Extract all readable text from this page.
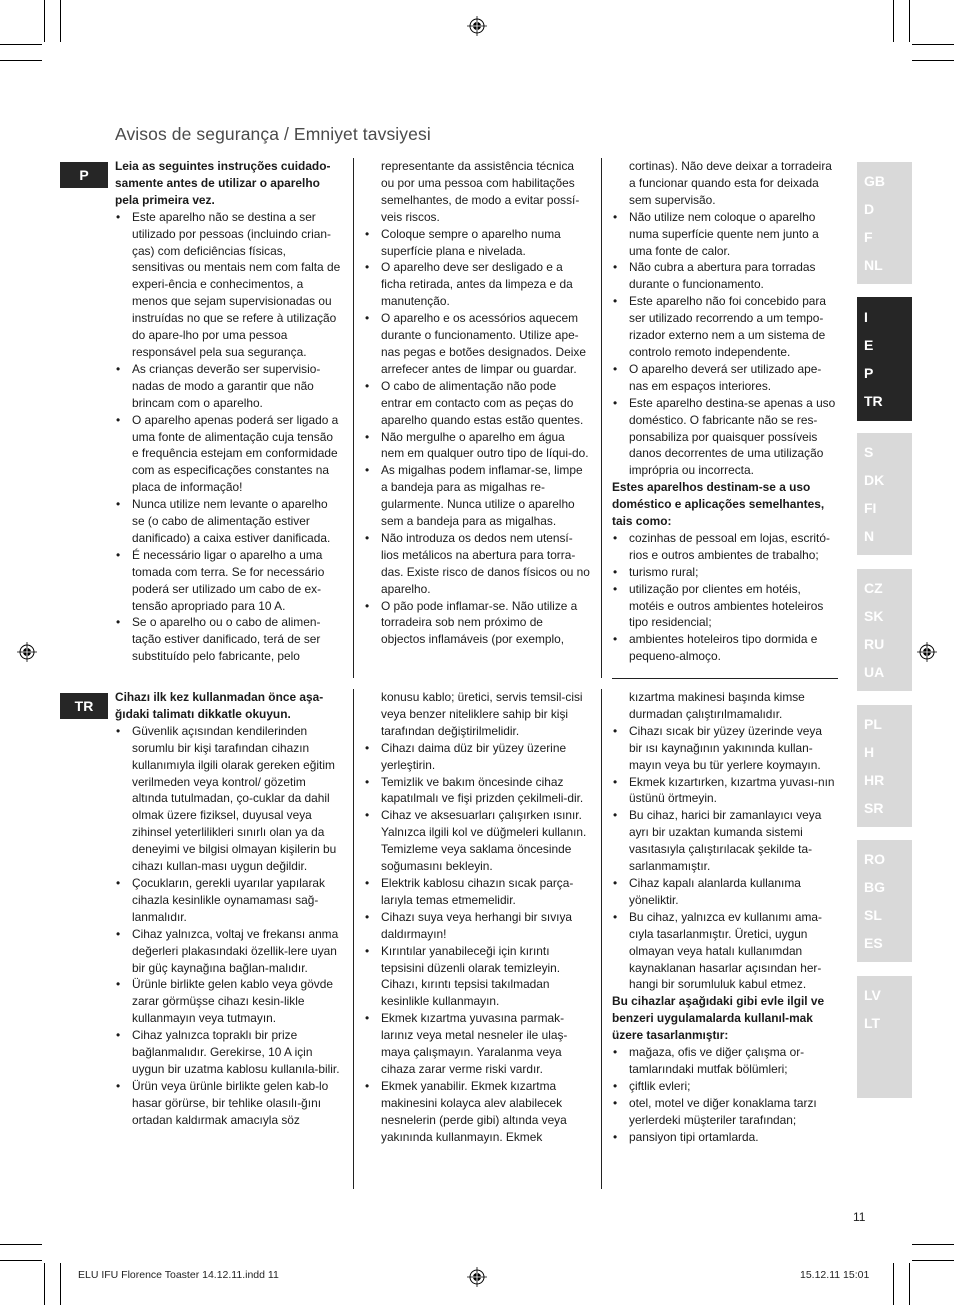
Avisos de segurança / Emniyet tavsiyesi
P

Leia as seguintes instruções cuidado-samente antes de utilizar o aparelho pela primeira vez.

• Este aparelho não se destina a ser utilizado por pessoas (incluindo crian-ças) com deficiências físicas, sensitivas ou mentais nem com falta de experi-ência e conhecimentos, a menos que sejam supervisionadas ou instruídas no que se refere à utilização do apare-lho por uma pessoa responsável pela sua segurança.
• As crianças deverão ser supervisio-nadas de modo a garantir que não brincam com o aparelho.
• O aparelho apenas poderá ser ligado a uma fonte de alimentação cuja tensão e frequência estejam em conformidade com as especificações constantes na placa de informação!
• Nunca utilize nem levante o aparelho se (o cabo de alimentação estiver danificado) a caixa estiver danificada.
• É necessário ligar o aparelho a uma tomada com terra. Se for necessário poderá ser utilizado um cabo de ex-tensão apropriado para 10 A.
• Se o aparelho ou o cabo de alimen-tação estiver danificado, terá de ser substituído pelo fabricante, pelo
representante da assistência técnica ou por uma pessoa com habilitações semelhantes, de modo a evitar possí-veis riscos.
• Coloque sempre o aparelho numa superfície plana e nivelada.
• O aparelho deve ser desligado e a ficha retirada, antes da limpeza e da manutenção.
• O aparelho e os acessórios aquecem durante o funcionamento. Utilize ape-nas pegas e botões designados. Deixe arrefecer antes de limpar ou guardar.
• O cabo de alimentação não pode entrar em contacto com as peças do aparelho quando estas estão quentes.
• Não mergulhe o aparelho em água nem em qualquer outro tipo de líqui-do.
• As migalhas podem inflamar-se, limpe a bandeja para as migalhas re-gularmente. Nunca utilize o aparelho sem a bandeja para as migalhas.
• Não introduza os dedos nem utensí-lios metálicos na abertura para torra-das. Existe risco de danos físicos ou no aparelho.
• O pão pode inflamar-se. Não utilize a torradeira sob nem próximo de objectos inflamáveis (por exemplo,
cortinas). Não deve deixar a torradeira a funcionar quando esta for deixada sem supervisão.
• Não utilize nem coloque o aparelho numa superfície quente nem junto a uma fonte de calor.
• Não cubra a abertura para torradas durante o funcionamento.
• Este aparelho não foi concebido para ser utilizado recorrendo a um tempo-rizador externo nem a um sistema de controlo remoto independente.
• O aparelho deverá ser utilizado ape-nas em espaços interiores.
• Este aparelho destina-se apenas a uso doméstico. O fabricante não se res-ponsabiliza por quaisquer possíveis danos decorrentes de uma utilização imprópria ou incorrecta.

Estes aparelhos destinam-se a uso doméstico e aplicações semelhantes, tais como:

• cozinhas de pessoal em lojas, escritó-rios e outros ambientes de trabalho;
• turismo rural;
• utilização por clientes em hotéis, motéis e outros ambientes hoteleiros tipo residencial;
• ambientes hoteleiros tipo dormida e pequeno-almoço.
TR

Cihazı ilk kez kullanmadan önce aşa-ğıdaki talimatı dikkatle okuyun.

• Güvenlik açısından kendilerinden sorumlu bir kişi tarafından cihazın kullanımıyla ilgili olarak gereken eğitim verilmeden veya kontrol/ gözetim altında tutulmadan, ço-cuklar da dahil olmak üzere fiziksel, duyusal veya zihinsel yeterlilikleri sınırlı olan ya da deneyimi ve bilgisi olmayan kişilerin bu cihazı kullan-ması uygun değildir.
• Çocukların, gerekli uyarılar yapılarak cihazla kesinlikle oynamaması sağ-lanmalıdır.
• Cihaz yalnızca, voltaj ve frekansı anma değerleri plakasındaki özellik-lere uyan bir güç kaynağına bağlan-malıdır.
• Ürünle birlikte gelen kablo veya gövde zarar görmüşse cihazı kesin-likle kullanmayın veya tutmayın.
• Cihaz yalnızca topraklı bir prize bağlanmalıdır. Gerekirse, 10 A için uygun bir uzatma kablosu kullanıla-bilir.
• Ürün veya ürünle birlikte gelen kab-lo hasar görürse, bir tehlike olasılı-ğını ortadan kaldırmak amacıyla söz
konusu kablo; üretici, servis temsil-cisi veya benzer niteliklere sahip bir kişi tarafından değiştirilmelidir.
• Cihazı daima düz bir yüzey üzerine yerleştirin.
• Temizlik ve bakım öncesinde cihaz kapatılmalı ve fişi prizden çekilmeli-dir.
• Cihaz ve aksesuarları çalışırken ısınır. Yalnızca ilgili kol ve düğmeleri kullanın. Temizleme veya saklama öncesinde soğumasını bekleyin.
• Elektrik kablosu cihazın sıcak parça-larıyla temas etmemelidir.
• Cihazı suya veya herhangi bir sıvıya daldırmayın!
• Kırıntılar yanabileceği için kırıntı tepsisini düzenli olarak temizleyin. Cihazı, kırıntı tepsisi takılmadan kesinlikle kullanmayın.
• Ekmek kızartma yuvasına parmak-larınız veya metal nesneler ile ulaş-maya çalışmayın. Yaralanma veya cihaza zarar verme riski vardır.
• Ekmek yanabilir. Ekmek kızartma makinesini kolayca alev alabilecek nesnelerin (perde gibi) altında veya yakınında kullanmayın. Ekmek
kızartma makinesi başında kimse durmadan çalıştırılmamalıdır.
• Cihazı sıcak bir yüzey üzerinde veya bir ısı kaynağının yakınında kullan-mayın veya bu tür yerlere koymayın.
• Ekmek kızartırken, kızartma yuvası-nın üstünü örtmeyin.
• Bu cihaz, harici bir zamanlayıcı veya ayrı bir uzaktan kumanda sistemi vasıtasıyla çalıştırılacak şekilde ta-sarlanmamıştır.
• Cihaz kapalı alanlarda kullanıma yöneliktir.
• Bu cihaz, yalnızca ev kullanımı ama-cıyla tasarlanmıştır. Üretici, uygun olmayan veya hatalı kullanımdan kaynaklanan hasarlar açısından her-hangi bir sorumluluk kabul etmez.

Bu cihazlar aşağıdaki gibi evle ilgil ve benzeri uygulamalarda kullanıl-mak üzere tasarlanmıştır:

• mağaza, ofis ve diğer çalışma or-tamlarındaki mutfak bölümleri;
• çiftlik evleri;
• otel, motel ve diğer konaklama tarzı yerlerdeki müşteriler tarafından;
• pansiyon tipi ortamlarda.
GB
D
F
NL
I
E
P
TR
S
DK
FI
N
CZ
SK
RU
UA
PL
H
HR
SR
RO
BG
SL
ES
LV
LT
11
ELU IFU Florence Toaster 14.12.11.indd 11	15.12.11 15:01
